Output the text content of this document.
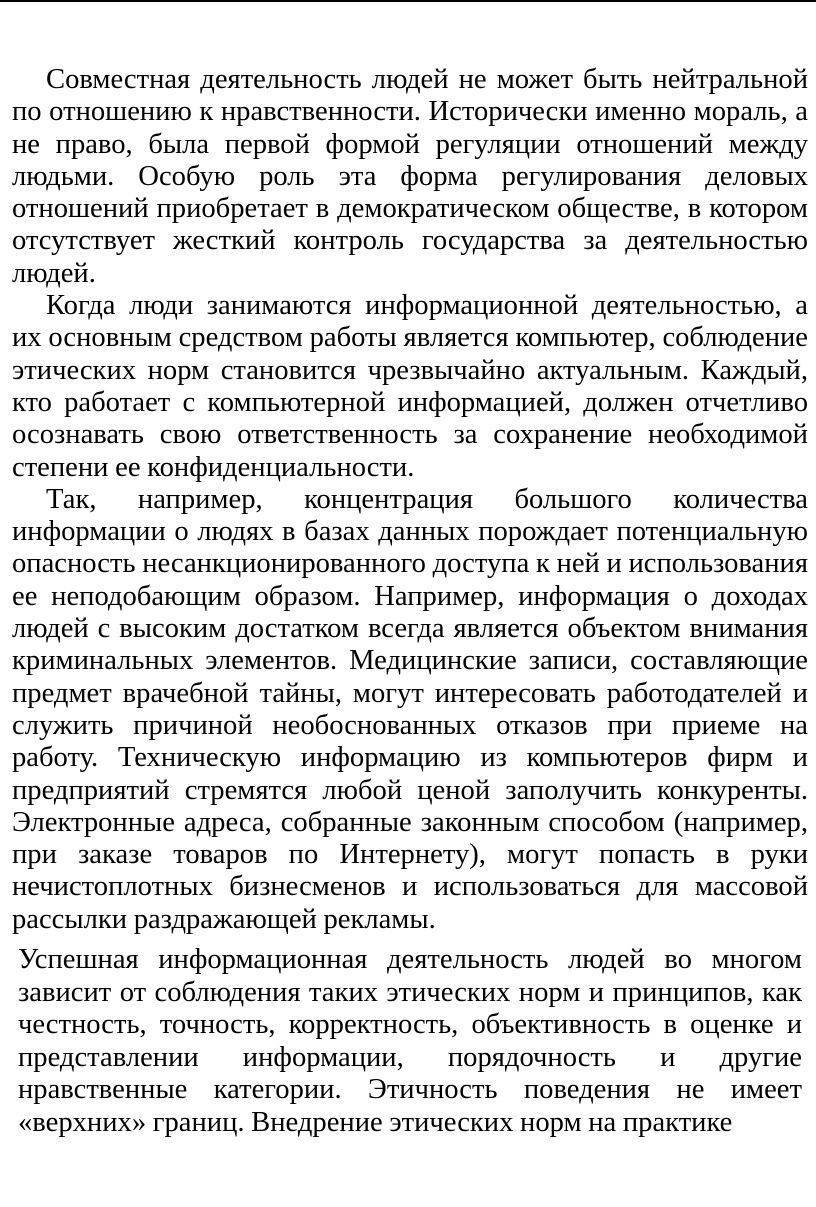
Совместная деятельность людей не может быть нейтральной по отношению к нравственности. Исторически именно мораль, а не право, была первой формой регуляции отношений между людьми. Особую роль эта форма регулирования деловых отношений приобретает в демократическом обществе, в котором отсутствует жесткий контроль государства за деятельностью людей.

Когда люди занимаются информационной деятельностью, а их основным средством работы является компьютер, соблюдение этических норм становится чрезвычайно актуальным. Каждый, кто работает с компьютерной информацией, должен отчетливо осознавать свою ответственность за сохранение необходимой степени ее конфиденциальности.

Так, например, концентрация большого количества информации о людях в базах данных порождает потенциальную опасность несанкционированного доступа к ней и использования ее неподобающим образом. Например, информация о доходах людей с высоким достатком всегда является объектом внимания криминальных элементов. Медицинские записи, составляющие предмет врачебной тайны, могут интересовать работодателей и служить причиной необоснованных отказов при приеме на работу. Техническую информацию из компьютеров фирм и предприятий стремятся любой ценой заполучить конкуренты. Электронные адреса, собранные законным способом (например, при заказе товаров по Интернету), могут попасть в руки нечистоплотных бизнесменов и использоваться для массовой рассылки раздражающей рекламы.

Успешная информационная деятельность людей во многом зависит от соблюдения таких этических норм и принципов, как честность, точность, корректность, объективность в оценке и представлении информации, порядочность и другие нравственные категории. Этичность поведения не имеет «верхних» границ. Внедрение этических норм на практике
